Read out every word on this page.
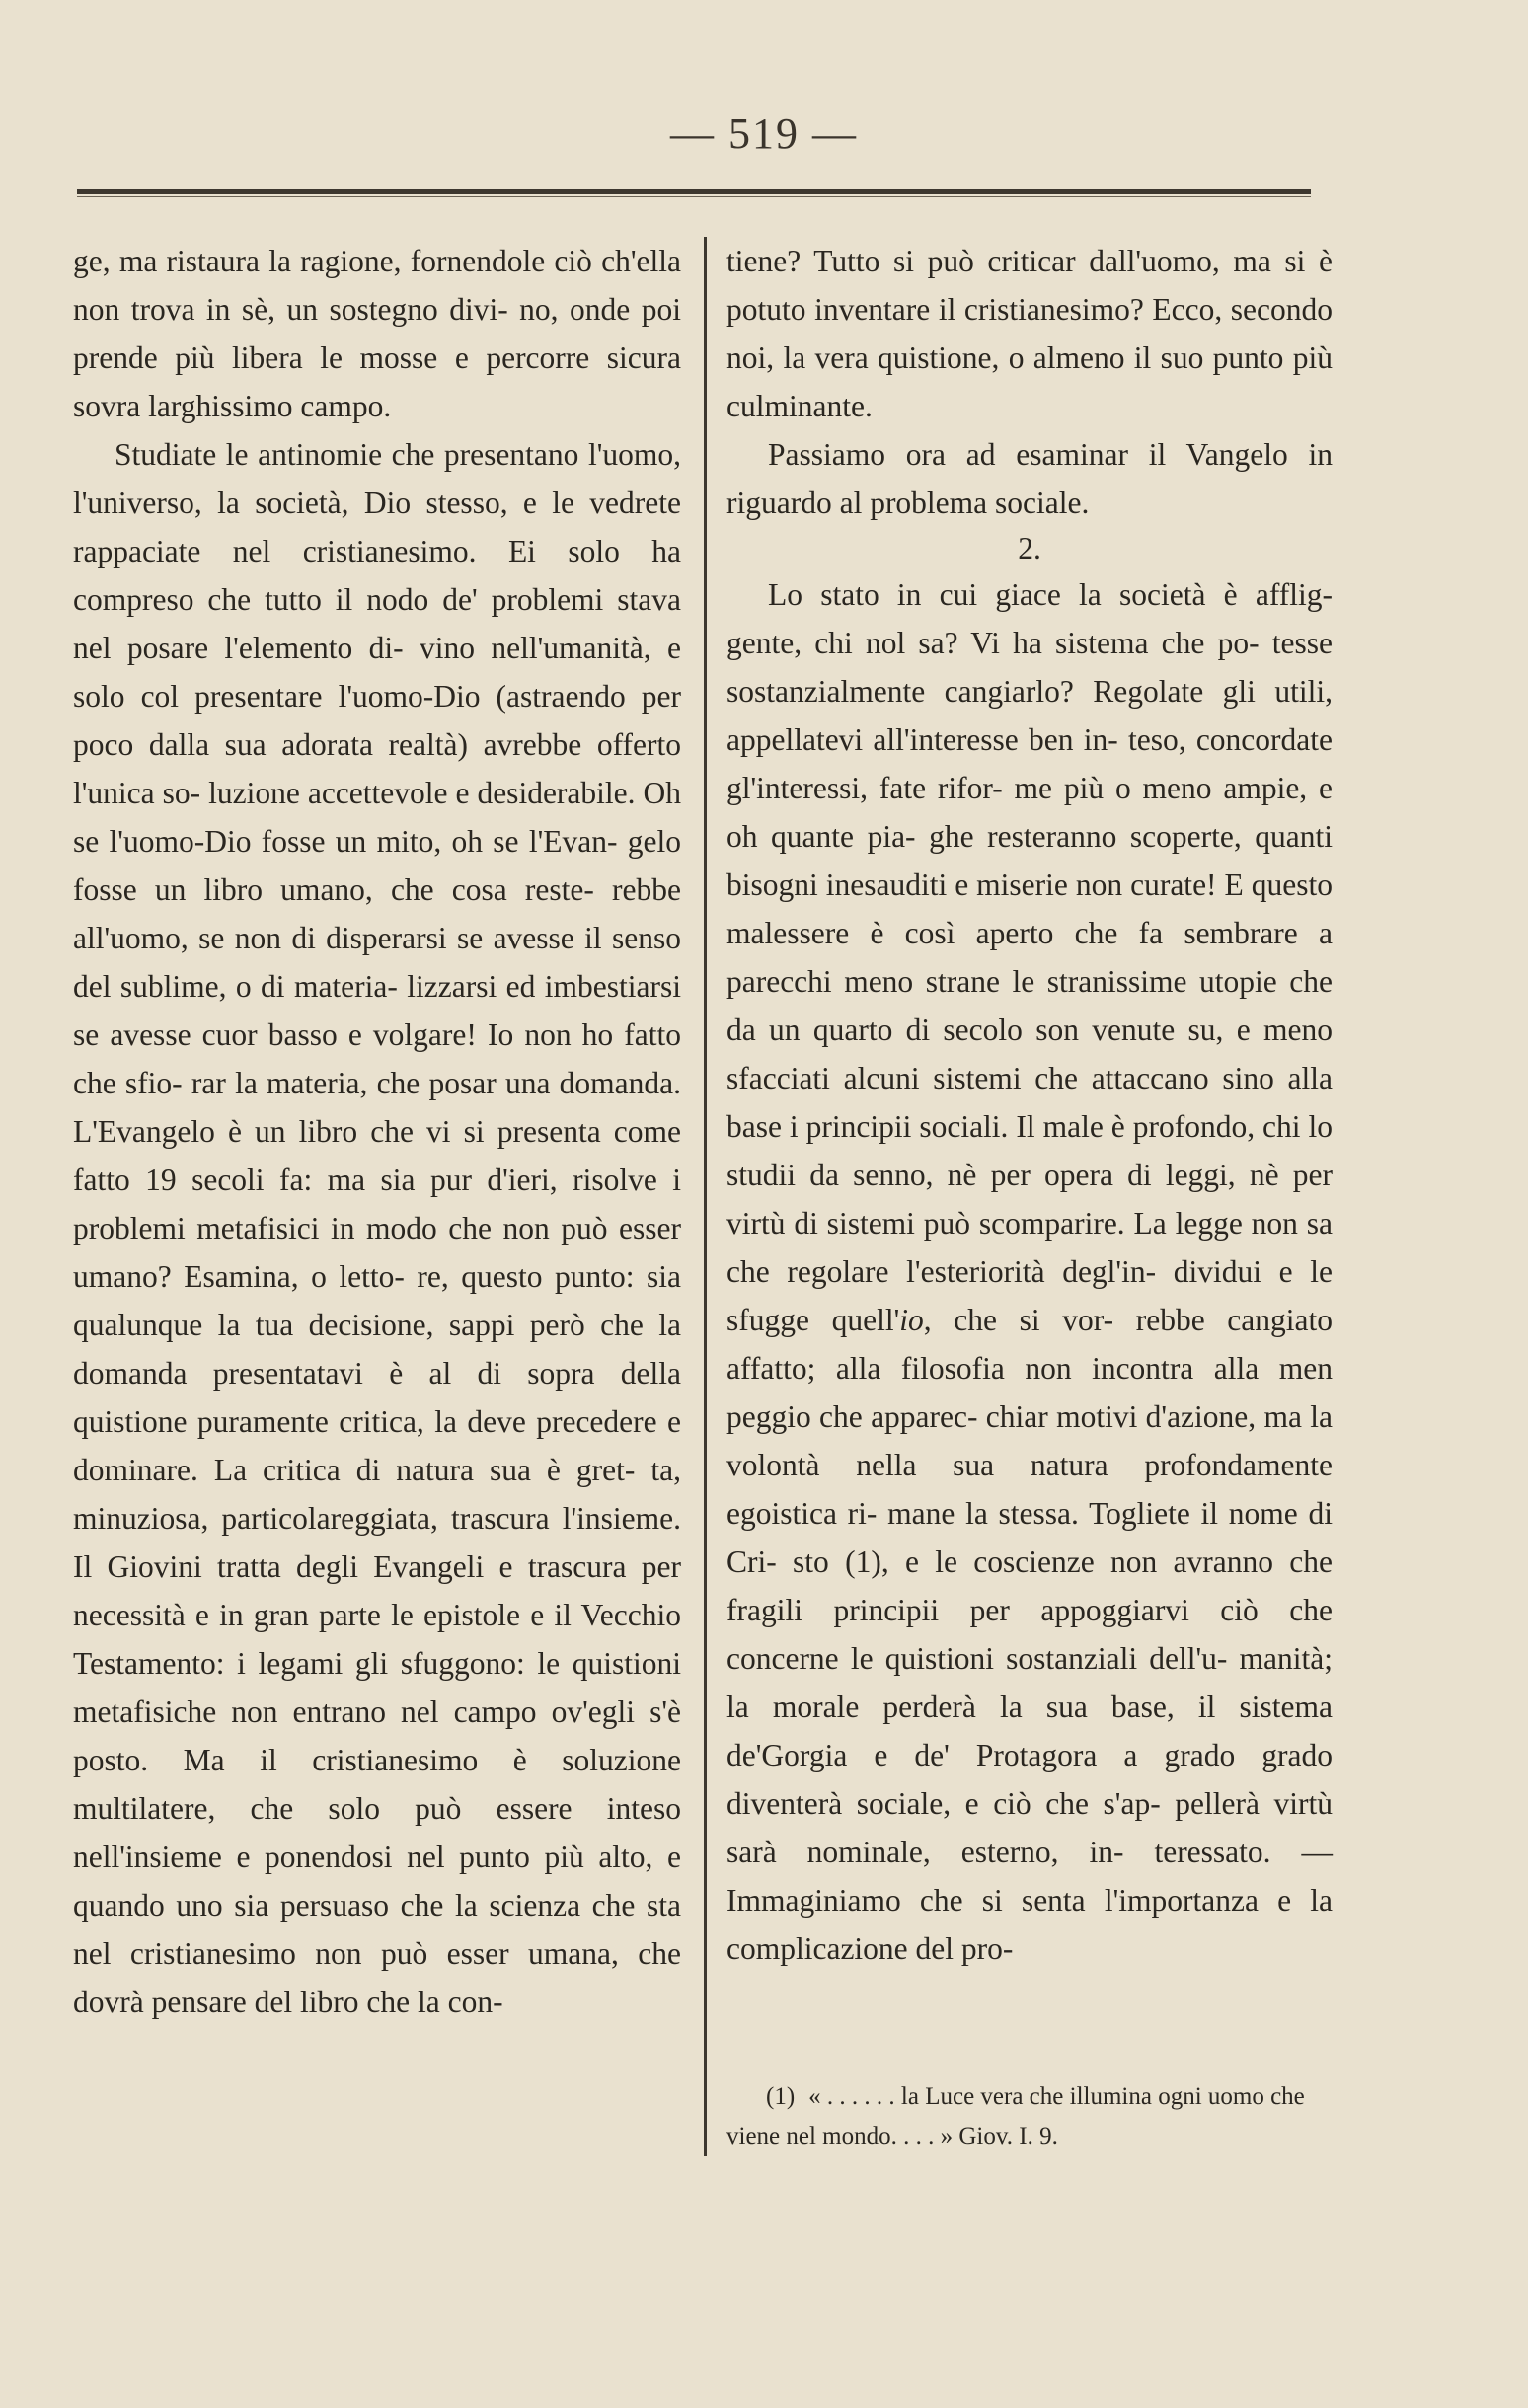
— 519 —

ge, ma ristaura la ragione, fornendole ciò ch'ella non trova in sè, un sostegno divi- no, onde poi prende più libera le mosse e percorre sicura sovra larghissimo campo.

Studiate le antinomie che presentano l'uomo, l'universo, la società, Dio stesso, e le vedrete rappaciate nel cristianesimo. Ei solo ha compreso che tutto il nodo de' problemi stava nel posare l'elemento di- vino nell'umanità, e solo col presentare l'uomo-Dio (astraendo per poco dalla sua adorata realtà) avrebbe offerto l'unica so- luzione accettevole e desiderabile. Oh se l'uomo-Dio fosse un mito, oh se l'Evan- gelo fosse un libro umano, che cosa reste- rebbe all'uomo, se non di disperarsi se avesse il senso del sublime, o di materia- lizzarsi ed imbestiarsi se avesse cuor basso e volgare! Io non ho fatto che sfio- rar la materia, che posar una domanda. L'Evangelo è un libro che vi si presenta come fatto 19 secoli fa: ma sia pur d'ieri, risolve i problemi metafisici in modo che non può esser umano? Esamina, o letto- re, questo punto: sia qualunque la tua decisione, sappi però che la domanda presentatavi è al di sopra della quistione puramente critica, la deve precedere e dominare. La critica di natura sua è gret- ta, minuziosa, particolareggiata, trascura l'insieme. Il Giovini tratta degli Evangeli e trascura per necessità e in gran parte le epistole e il Vecchio Testamento: i legami gli sfuggono: le quistioni metafisiche non entrano nel campo ov'egli s'è posto. Ma il cristianesimo è soluzione multilatere, che solo può essere inteso nell'insieme e ponendosi nel punto più alto, e quando uno sia persuaso che la scienza che sta nel cristianesimo non può esser umana, che dovrà pensare del libro che la con-

tiene? Tutto si può criticar dall'uomo, ma si è potuto inventare il cristianesimo? Ecco, secondo noi, la vera quistione, o almeno il suo punto più culminante.

Passiamo ora ad esaminar il Vangelo in riguardo al problema sociale.

2.

Lo stato in cui giace la società è afflig- gente, chi nol sa? Vi ha sistema che po- tesse sostanzialmente cangiarlo? Regolate gli utili, appellatevi all'interesse ben in- teso, concordate gl'interessi, fate rifor- me più o meno ampie, e oh quante pia- ghe resteranno scoperte, quanti bisogni inesauditi e miserie non curate! E questo malessere è così aperto che fa sembrare a parecchi meno strane le stranissime utopie che da un quarto di secolo son venute su, e meno sfacciati alcuni sistemi che attaccano sino alla base i principii sociali. Il male è profondo, chi lo studii da senno, nè per opera di leggi, nè per virtù di sistemi può scomparire. La legge non sa che regolare l'esteriorità degl'in- dividui e le sfugge quell'io, che si vor- rebbe cangiato affatto; alla filosofia non incontra alla men peggio che apparec- chiar motivi d'azione, ma la volontà nella sua natura profondamente egoistica ri- mane la stessa. Togliete il nome di Cri- sto (1), e le coscienze non avranno che fragili principii per appoggiarvi ciò che concerne le quistioni sostanziali dell'u- manità; la morale perderà la sua base, il sistema de'Gorgia e de' Protagora a grado grado diventerà sociale, e ciò che s'ap- pellerà virtù sarà nominale, esterno, in- teressato. — Immaginiamo che si senta l'importanza e la complicazione del pro-

(1) « . . . . . . la Luce vera che illumina ogni uomo che viene nel mondo. . . . » Giov. I. 9.
